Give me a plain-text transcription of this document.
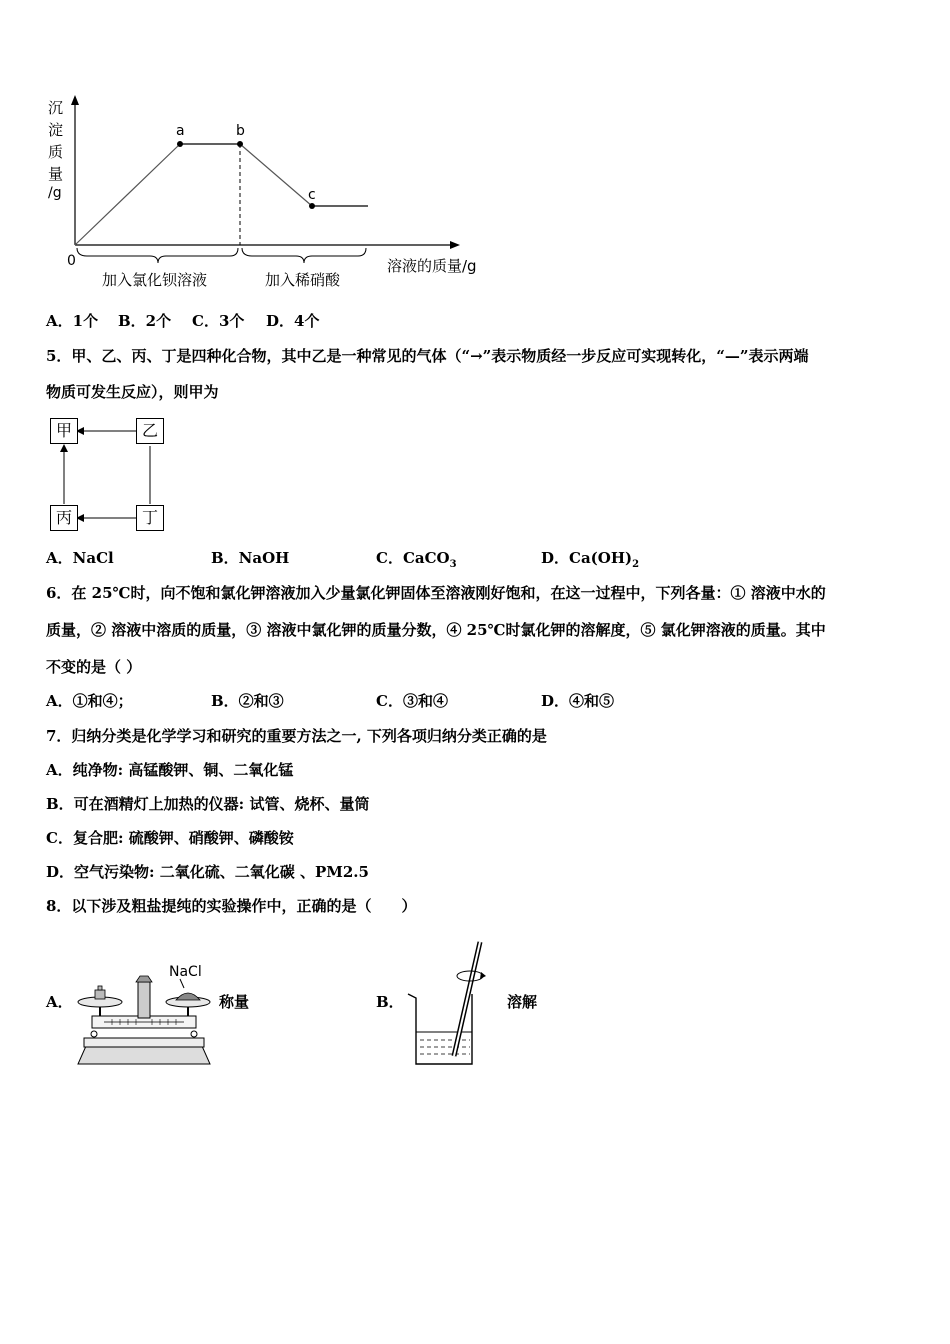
a	b
c
沉
淀
质
量
/g
0
加入氯化钡溶液	加入稀硝酸
溶液的质量/g
A．1个 B．2个 C．3个 D．4个
5．甲、乙、丙、丁是四种化合物，其中乙是一种常见的气体（“→”表示物质经一步反应可实现转化，“—”表示两端
物质可发生反应），则甲为
甲	乙
丙	丁
A．NaCl	B．NaOH	C．CaCO$_3$	D．$Ca(OH)_2$
6．在 25℃时，向不饱和氯化钾溶液加入少量氯化钾固体至溶液刚好饱和，在这一过程中，下列各量：① 溶液中水的
质量，② 溶液中溶质的质量，③ 溶液中氯化钾的质量分数，④ 25℃时氯化钾的溶解度，⑤ 氯化钾溶液的质量。其中
不变的是（ ）
A．①和④；	B．②和③	C．③和④	D．④和⑤
7．归纳分类是化学学习和研究的重要方法之一, 下列各项归纳分类正确的是
A．纯净物: 高锰酸钾、铜、二氧化锰
B．可在酒精灯上加热的仪器: 试管、烧杯、量筒
C．复合肥: 硫酸钾、硝酸钾、磷酸铵
D．空气污染物: 二氧化硫、二氧化碳 、PM2.5
8．以下涉及粗盐提纯的实验操作中，正确的是（　　）
A．
NaCl
称量	B．	溶解
